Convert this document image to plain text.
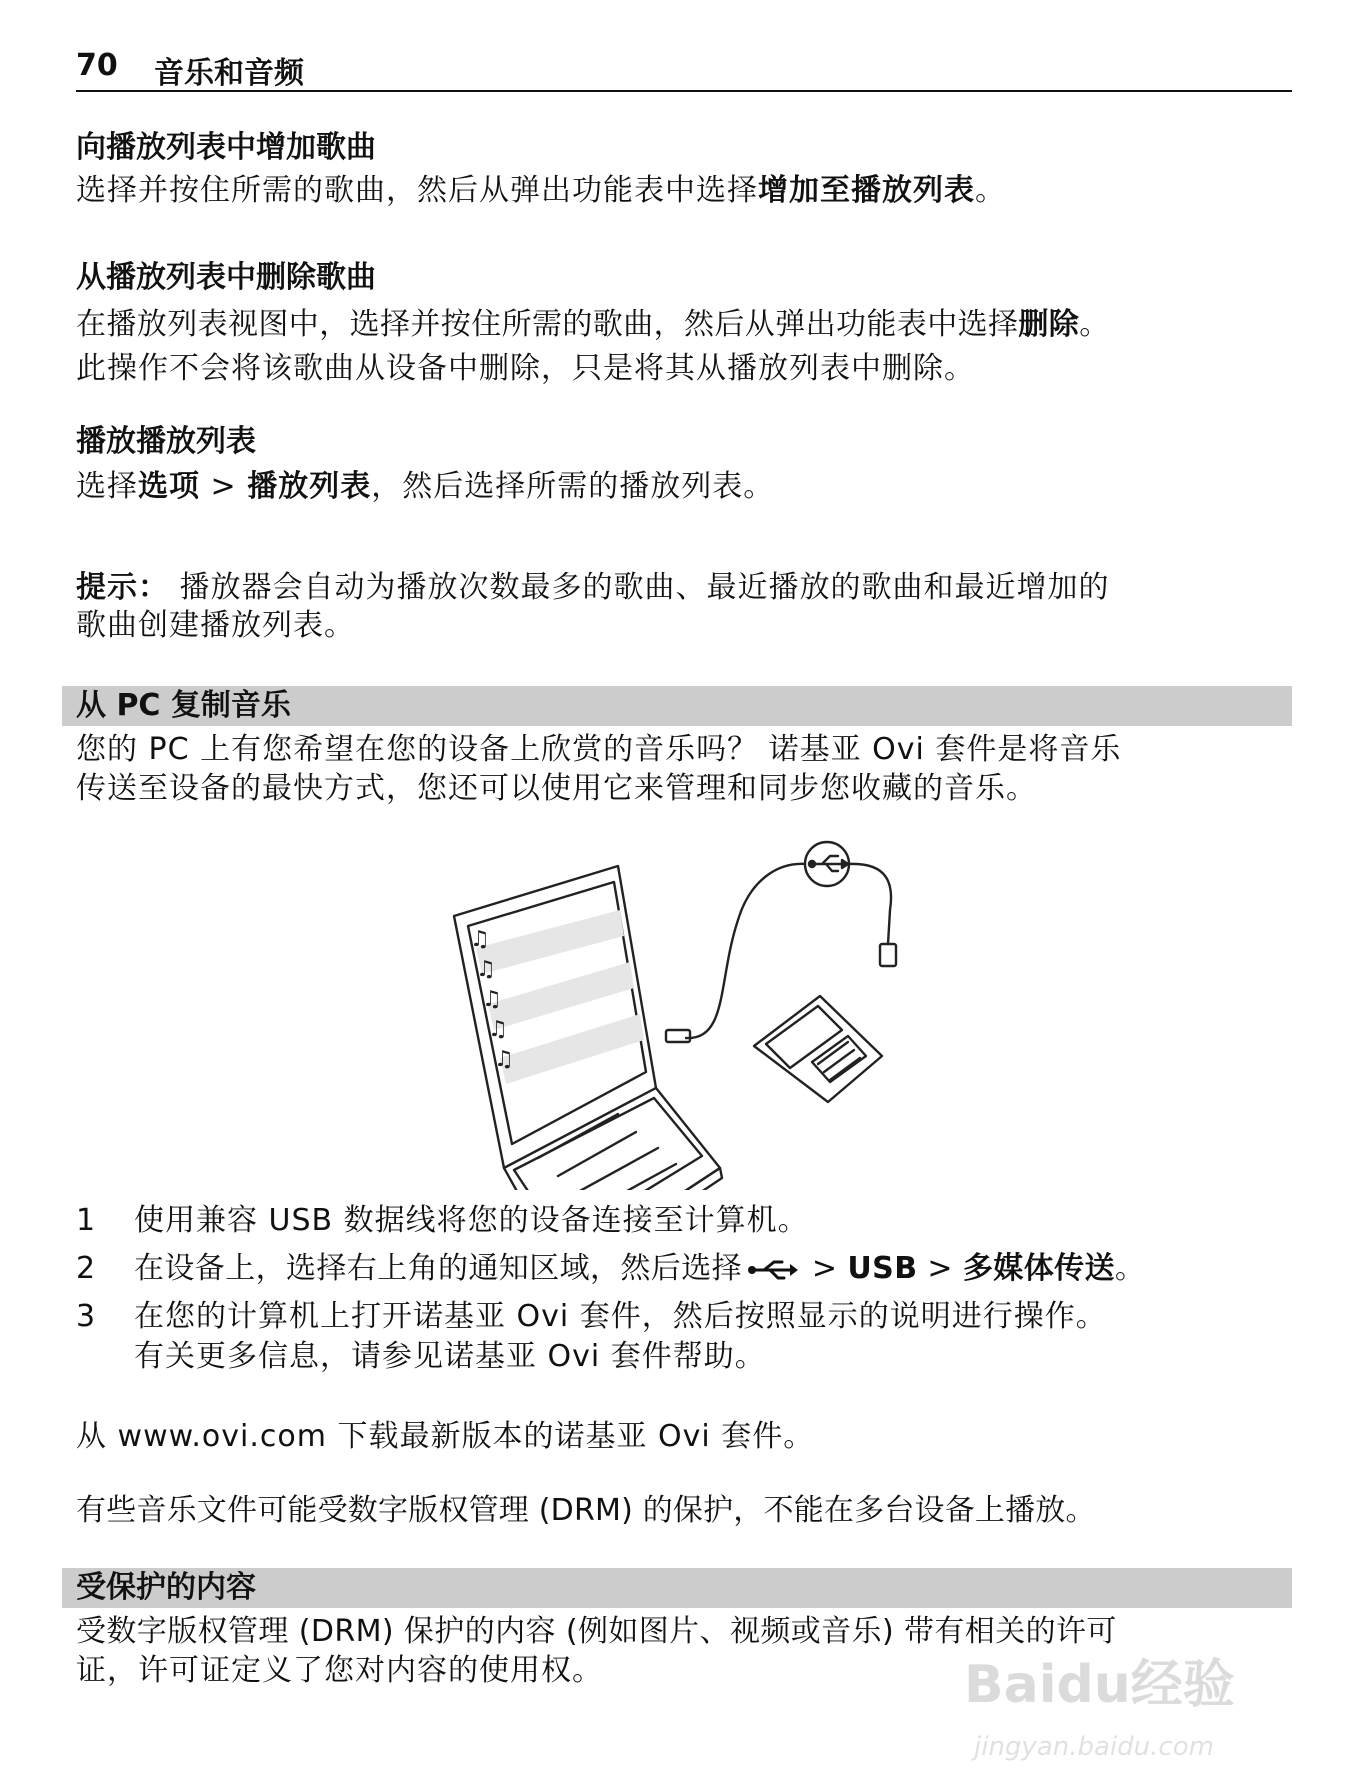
70 音乐和音频

向播放列表中增加歌曲

选择并按住所需的歌曲，然后从弹出功能表中选择增加至播放列表。

从播放列表中删除歌曲

在播放列表视图中，选择并按住所需的歌曲，然后从弹出功能表中选择删除。

此操作不会将该歌曲从设备中删除，只是将其从播放列表中删除。

播放播放列表

选择选项 > 播放列表，然后选择所需的播放列表。

提示： 播放器会自动为播放次数最多的歌曲、最近播放的歌曲和最近增加的

歌曲创建播放列表。

从 PC 复制音乐

您的 PC 上有您希望在您的设备上欣赏的音乐吗？ 诺基亚 Ovi 套件是将音乐

传送至设备的最快方式，您还可以使用它来管理和同步您收藏的音乐。

♫
♫
♫
♫
♫
1	使用兼容 USB 数据线将您的设备连接至计算机。
2	在设备上，选择右上角的通知区域，然后选择 > USB > 多媒体传送。
3	在您的计算机上打开诺基亚 Ovi 套件，然后按照显示的说明进行操作。
有关更多信息，请参见诺基亚 Ovi 套件帮助。

从 www.ovi.com 下载最新版本的诺基亚 Ovi 套件。

有些音乐文件可能受数字版权管理 (DRM) 的保护，不能在多台设备上播放。

受保护的内容

受数字版权管理 (DRM) 保护的内容 (例如图片、视频或音乐) 带有相关的许可

证，许可证定义了您对内容的使用权。	Baidu经验
jingyan.baidu.com
